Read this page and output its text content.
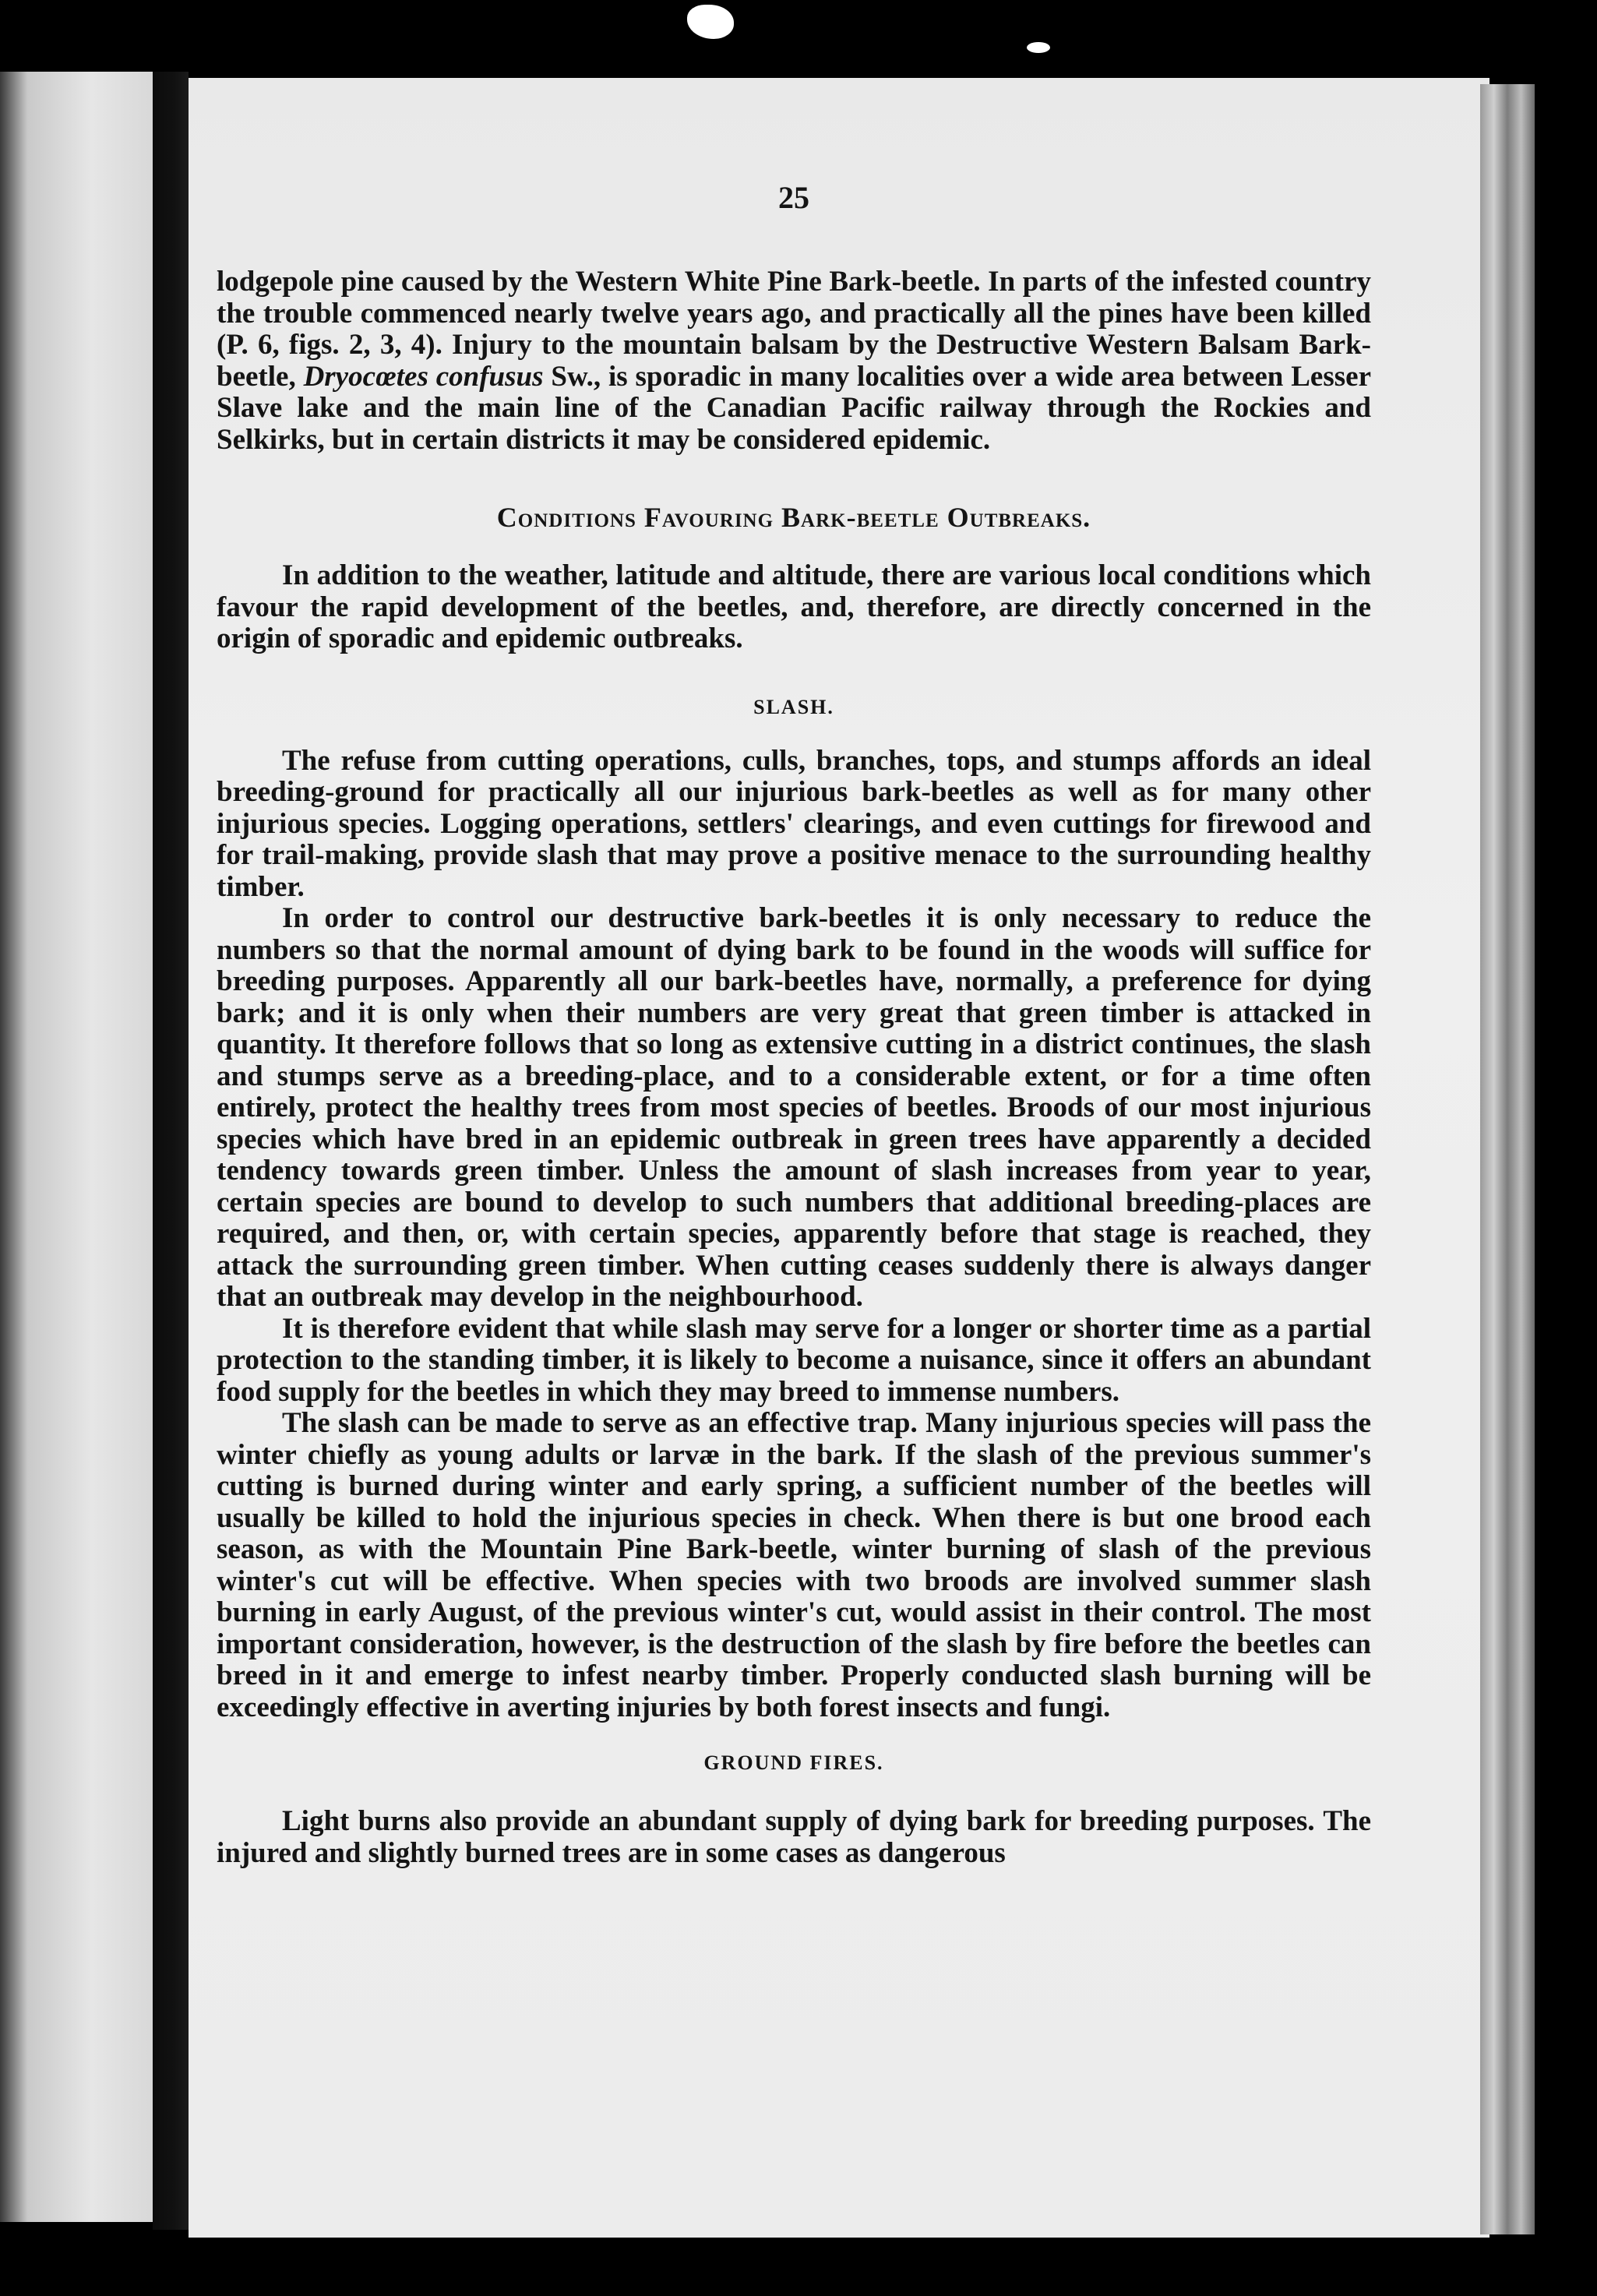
25

lodgepole pine caused by the Western White Pine Bark-beetle. In parts of the infested country the trouble commenced nearly twelve years ago, and practically all the pines have been killed (P. 6, figs. 2, 3, 4). Injury to the mountain balsam by the Destructive Western Balsam Bark-beetle, Dryocœtes confusus Sw., is sporadic in many localities over a wide area between Lesser Slave lake and the main line of the Canadian Pacific railway through the Rockies and Selkirks, but in certain districts it may be considered epidemic.

Conditions Favouring Bark-beetle Outbreaks.

In addition to the weather, latitude and altitude, there are various local conditions which favour the rapid development of the beetles, and, therefore, are directly concerned in the origin of sporadic and epidemic outbreaks.

SLASH.

The refuse from cutting operations, culls, branches, tops, and stumps affords an ideal breeding-ground for practically all our injurious bark-beetles as well as for many other injurious species. Logging operations, settlers' clearings, and even cuttings for firewood and for trail-making, provide slash that may prove a positive menace to the surrounding healthy timber.

In order to control our destructive bark-beetles it is only necessary to reduce the numbers so that the normal amount of dying bark to be found in the woods will suffice for breeding purposes. Apparently all our bark-beetles have, normally, a preference for dying bark; and it is only when their numbers are very great that green timber is attacked in quantity. It therefore follows that so long as extensive cutting in a district continues, the slash and stumps serve as a breeding-place, and to a considerable extent, or for a time often entirely, protect the healthy trees from most species of beetles. Broods of our most injurious species which have bred in an epidemic outbreak in green trees have apparently a decided tendency towards green timber. Unless the amount of slash increases from year to year, certain species are bound to develop to such numbers that additional breeding-places are required, and then, or, with certain species, apparently before that stage is reached, they attack the surrounding green timber. When cutting ceases suddenly there is always danger that an outbreak may develop in the neighbourhood.

It is therefore evident that while slash may serve for a longer or shorter time as a partial protection to the standing timber, it is likely to become a nuisance, since it offers an abundant food supply for the beetles in which they may breed to immense numbers.

The slash can be made to serve as an effective trap. Many injurious species will pass the winter chiefly as young adults or larvæ in the bark. If the slash of the previous summer's cutting is burned during winter and early spring, a sufficient number of the beetles will usually be killed to hold the injurious species in check. When there is but one brood each season, as with the Mountain Pine Bark-beetle, winter burning of slash of the previous winter's cut will be effective. When species with two broods are involved summer slash burning in early August, of the previous winter's cut, would assist in their control. The most important consideration, however, is the destruction of the slash by fire before the beetles can breed in it and emerge to infest nearby timber. Properly conducted slash burning will be exceedingly effective in averting injuries by both forest insects and fungi.

GROUND FIRES.

Light burns also provide an abundant supply of dying bark for breeding purposes. The injured and slightly burned trees are in some cases as dangerous
